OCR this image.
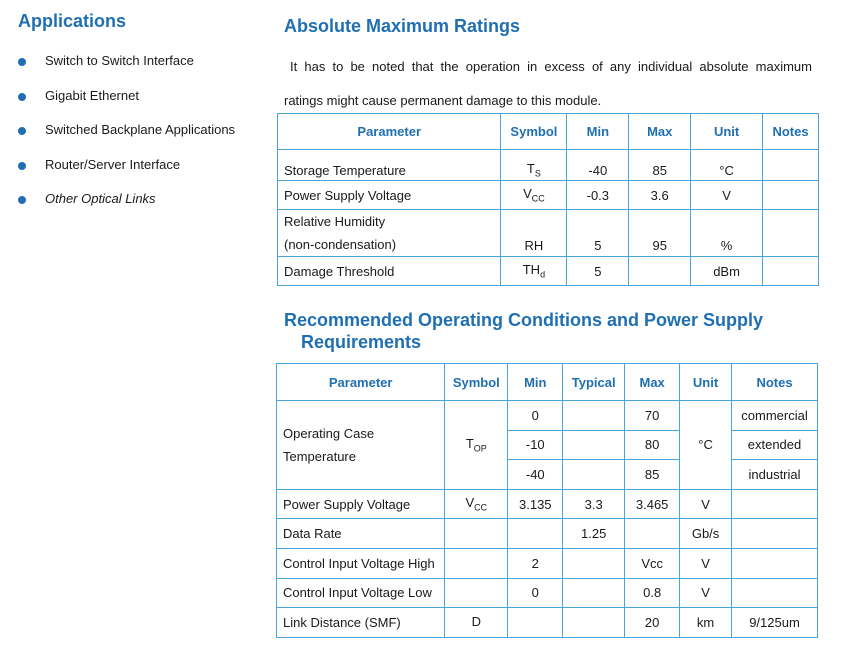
Applications
Switch to Switch Interface
Gigabit Ethernet
Switched Backplane Applications
Router/Server Interface
Other Optical Links
Absolute Maximum Ratings
It has to be noted that the operation in excess of any individual absolute maximum
ratings might cause permanent damage to this module.
Parameter	Symbol	Min	Max	Unit	Notes
Storage Temperature	$T_S$	-40	85	°C	
Power Supply Voltage	$V_{CC}$	-0.3	3.6	V	
Relative Humidity
(non-condensation)	RH	5	95	%	
Damage Threshold	$TH_d$	5		dBm	
Recommended Operating Conditions and Power Supply
Requirements
Parameter	Symbol	Min	Typical	Max	Unit	Notes
Operating Case
Temperature	$T_{OP}$	0		70	°C	commercial
		-10		80		extended
		-40		85		industrial
Power Supply Voltage	$V_{CC}$	3.135	3.3	3.465	V	
Data Rate			1.25		Gb/s	
Control Input Voltage High		2		Vcc	V	
Control Input Voltage Low		0		0.8	V	
Link Distance (SMF)	D			20	km	9/125um
